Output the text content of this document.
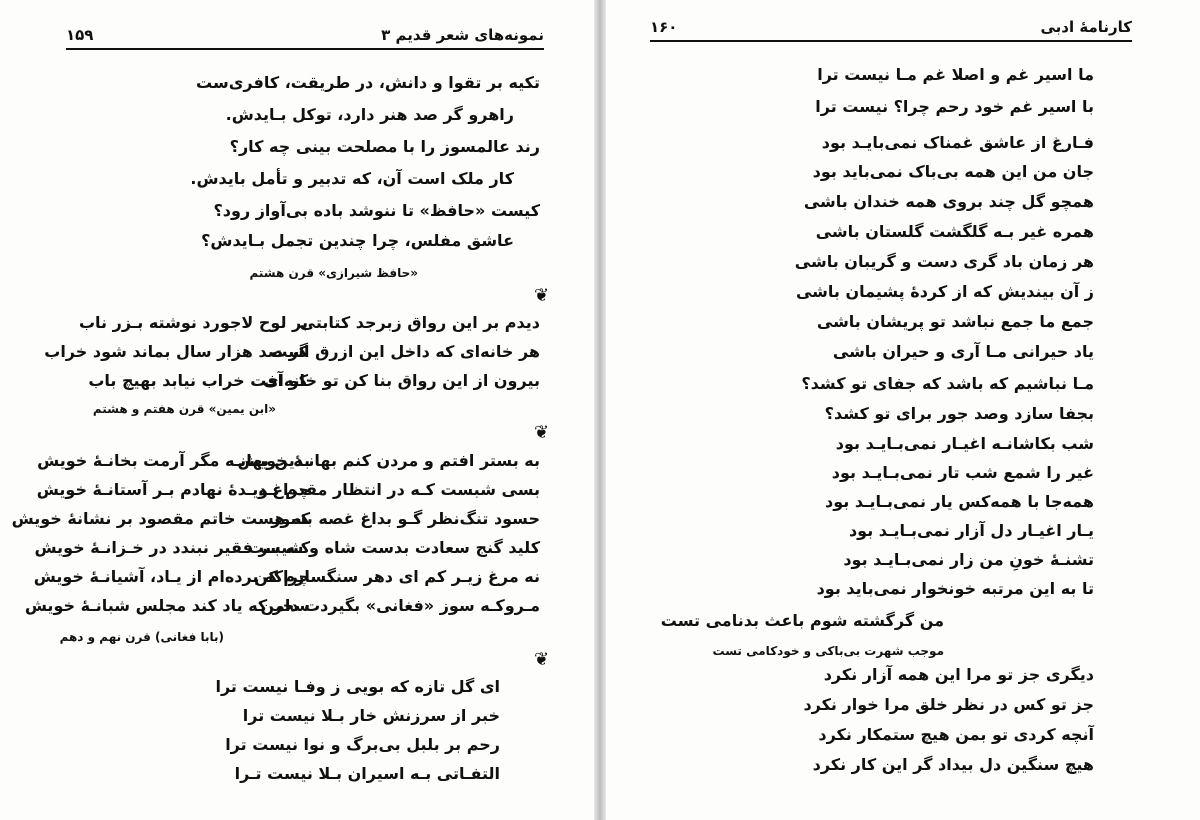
نمونه‌های شعر قدیم ۳
۱۵۹
تکیه بر تقوا و دانش، در طریقت، کافری‌ست
راهرو گر صد هنر دارد، توکل بـایدش.
رند عالمسوز را با مصلحت بینی چه کار؟
کار ملک است آن، که تدبیر و تأمل بایدش.
کیست «حافظ» تا ننوشد باده بی‌آواز رود؟
عاشق مفلس، چرا چندین تجمل بـایدش؟
«حافظ شیرازی» قرن هشتم
❦
دیدم بر این رواق زبرجد کتابتی
هر خانه‌ای که داخل این ازرق است
بیرون از این رواق بنا کن تو خانه‌ای
بر لوح لاجورد نوشته بـزر ناب
گر صد هزار سال بماند شود خراب
کو آفت خراب نیابد بهیچ باب
«ابن یمین» قرن هفتم و هشتم
❦
به بستر افتم و مردن کنم بهانـهٔ خویش
بسی شبست کـه در انتظار مقدم تـو
حسود تنگ‌نظر گـو بداغ غصه بسوز
کلید گنج سعادت بدست شاه و شیست
نه مرغ زیـر کم ای دهر سنگسارم کن
مـروکـه سوز «فغانی» بگیردت دامن
بدین بهانـه مگر آرمت بخانـهٔ خویش
چراغ دیـدهٔ نهادم بـر آستانـهٔ خویش
که هست خاتم مقصود بر نشانهٔ خویش
کـه بـر فقیر نبندد در خـزانـهٔ خویش
چراکه برده‌ام از یـاد، آشیانـهٔ خویش
سحر که یاد کند مجلس شبانـهٔ خویش
(بابا فغانی) قرن نهم و دهم
❦
ای گل تازه که بویی ز وفـا نیست ترا
خبر از سرزنش خار بـلا نیست ترا
رحم بر بلبل بی‌برگ و نوا نیست ترا
التفـاتی بـه اسیران بـلا نیست تـرا
کارنامهٔ ادبی
۱۶۰
ما اسیر غم و اصلا غم مـا نیست ترا
با اسیر غم خود رحم چرا؟ نیست ترا
فـارغ از عاشق غمناک نمی‌بایـد بود
جان من این همه بی‌باک نمی‌باید بود
همچو گل چند بروی همه خندان باشی
همره غیر بـه گلگشت گلستان باشی
هر زمان باد گری دست و گریبان باشی
ز آن بیندیش که از کردهٔ پشیمان باشی
جمع ما جمع نباشد تو پریشان باشی
یاد حیرانی مـا آری و حیران باشی
مـا نباشیم که باشد که جفای تو کشد؟
بجفا سازد وصد جور برای تو کشد؟
شب بکاشانـه اغیـار نمی‌بـایـد بود
غیر را شمع شب تار نمی‌بـایـد بود
همه‌جا با همه‌کس یار نمی‌بـایـد بود
یـار اغیـار دل آزار نمی‌بـایـد بود
تشنـهٔ خونِ من زار نمی‌بـایـد بود
تا به این مرتبه خونخوار نمی‌باید بود
من گرگشته شوم باعث بدنامی تست
موجب شهرت بی‌باکی و خودکامی تست
دیگری جز تو مرا این همه آزار نکرد
جز تو کس در نظر خلق مرا خوار نکرد
آنچه کردی تو بمن هیچ ستمکار نکرد
هیچ سنگین دل بیداد گر این کار نکرد
